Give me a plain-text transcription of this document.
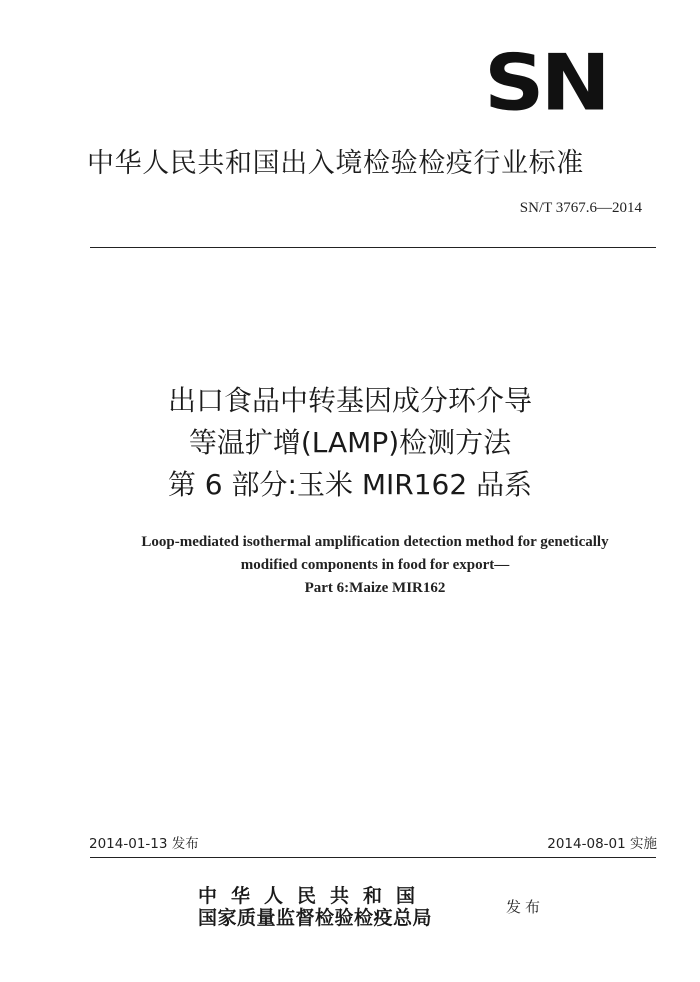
SN
中华人民共和国出入境检验检疫行业标准
SN/T 3767.6—2014
出口食品中转基因成分环介导
等温扩增(LAMP)检测方法
第 6 部分:玉米 MIR162 品系
Loop-mediated isothermal amplification detection method for genetically
modified components in food for export—
Part 6:Maize MIR162
2014-01-13 发布	2014-08-01 实施
中华人民共和国
国家质量监督检验检疫总局
发布
